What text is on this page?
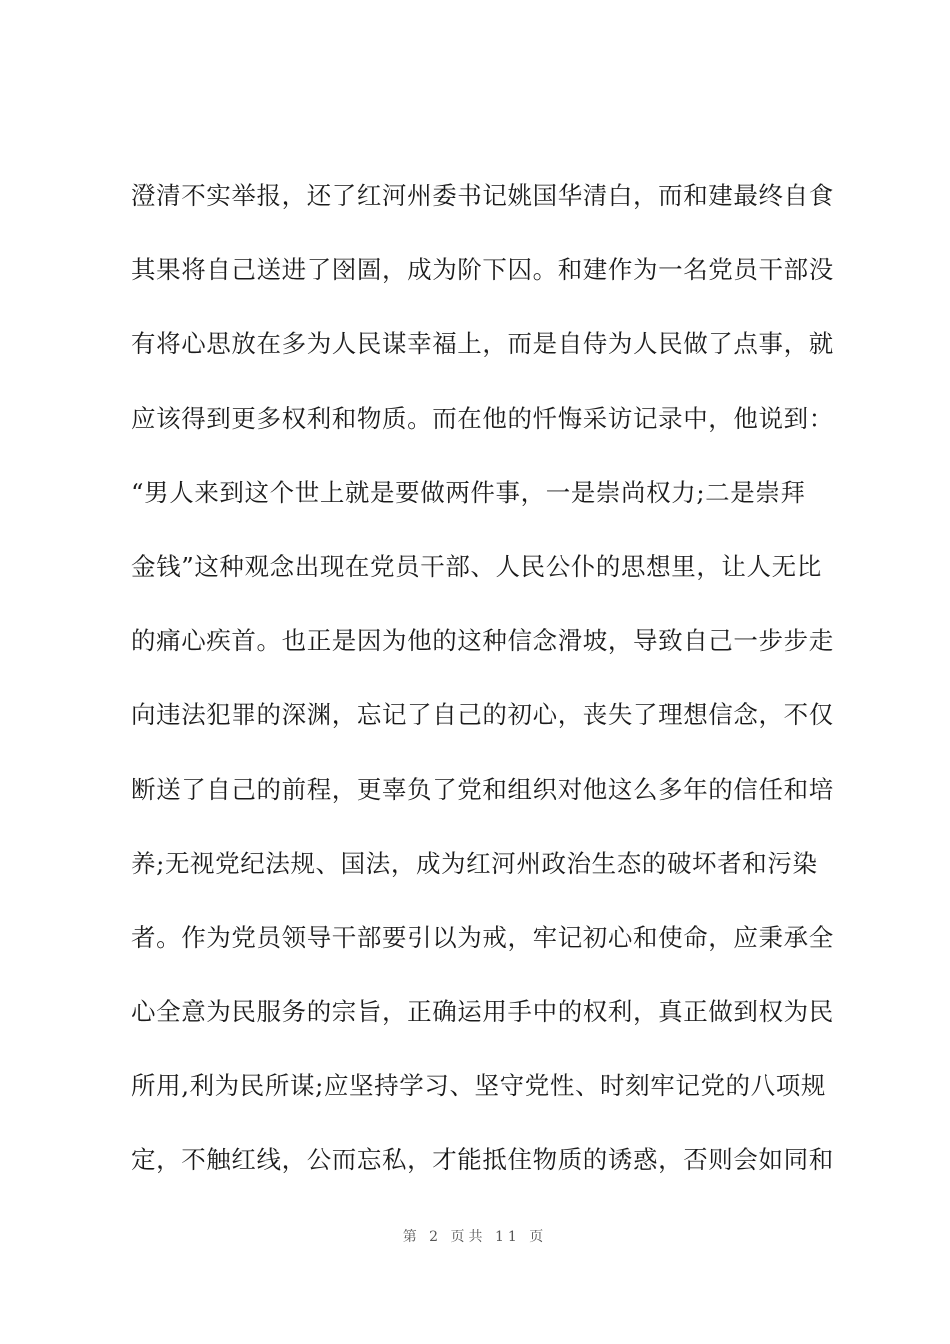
澄清不实举报，还了红河州委书记姚国华清白，而和建最终自食
其果将自己送进了囹圄，成为阶下囚。和建作为一名党员干部没
有将心思放在多为人民谋幸福上，而是自侍为人民做了点事，就
应该得到更多权利和物质。而在他的忏悔采访记录中，他说到：
“男人来到这个世上就是要做两件事，一是崇尚权力;二是崇拜
金钱”这种观念出现在党员干部、人民公仆的思想里，让人无比
的痛心疾首。也正是因为他的这种信念滑坡，导致自己一步步走
向违法犯罪的深渊，忘记了自己的初心，丧失了理想信念，不仅
断送了自己的前程，更辜负了党和组织对他这么多年的信任和培
养;无视党纪法规、国法，成为红河州政治生态的破坏者和污染
者。作为党员领导干部要引以为戒，牢记初心和使命，应秉承全
心全意为民服务的宗旨，正确运用手中的权利，真正做到权为民
所用,利为民所谋;应坚持学习、坚守党性、时刻牢记党的八项规
定，不触红线，公而忘私，才能抵住物质的诱惑，否则会如同和
第 2 页共 11 页
